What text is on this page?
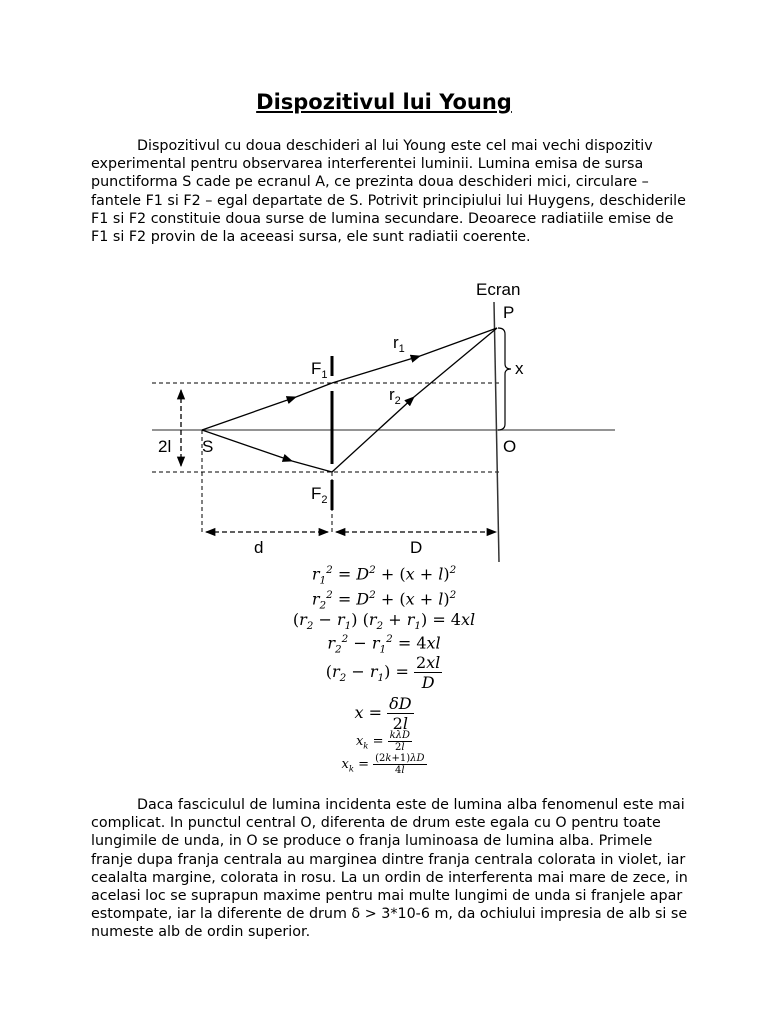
Dispozitivul lui Young

Dispozitivul cu doua deschideri al lui Young este cel mai vechi dispozitiv experimental pentru observarea interferentei luminii. Lumina emisa de sursa punctiforma S cade pe ecranul A, ce prezinta doua deschideri mici, circulare – fantele F1 si F2 – egal departate de S. Potrivit principiului lui Huygens, deschiderile F1 si F2 constituie doua surse de lumina secundare. Deoarece radiatiile emise de F1 si F2 provin de la aceeasi sursa, ele sunt radiatii coerente.

Ecran
P
x
O
S
2l
d	D
$F_1$
$F_2$
$r_1$
$r_2$
$r_1^2 = D^2 + (x + l)^2$
$r_2^2 = D^2 + (x + l)^2$
$(r_2 - r_1) (r_2 + r_1) = 4xl$
$r_2^2 - r_1^2 = 4xl$
$(r_2 - r_1) = \frac{2xl}{D}$
$x = \frac{\delta D}{2l}$
$x_k = \frac{\text{kλD}}{2l}$
$x_k = \frac{(2k+1)\lambda D}{4l}$

Daca fasciculul de lumina incidenta este de lumina alba fenomenul este mai complicat. In punctul central O, diferenta de drum este egala cu O pentru toate lungimile de unda, in O se produce o franja luminoasa de lumina alba. Primele franje dupa franja centrala au marginea dintre franja centrala colorata in violet, iar cealalta margine, colorata in rosu. La un ordin de interferenta mai mare de zece, in acelasi loc se suprapun maxime pentru mai multe lungimi de unda si franjele apar estompate, iar la diferente de drum δ > 3*10-6 m, da ochiului impresia de alb si se numeste alb de ordin superior.
